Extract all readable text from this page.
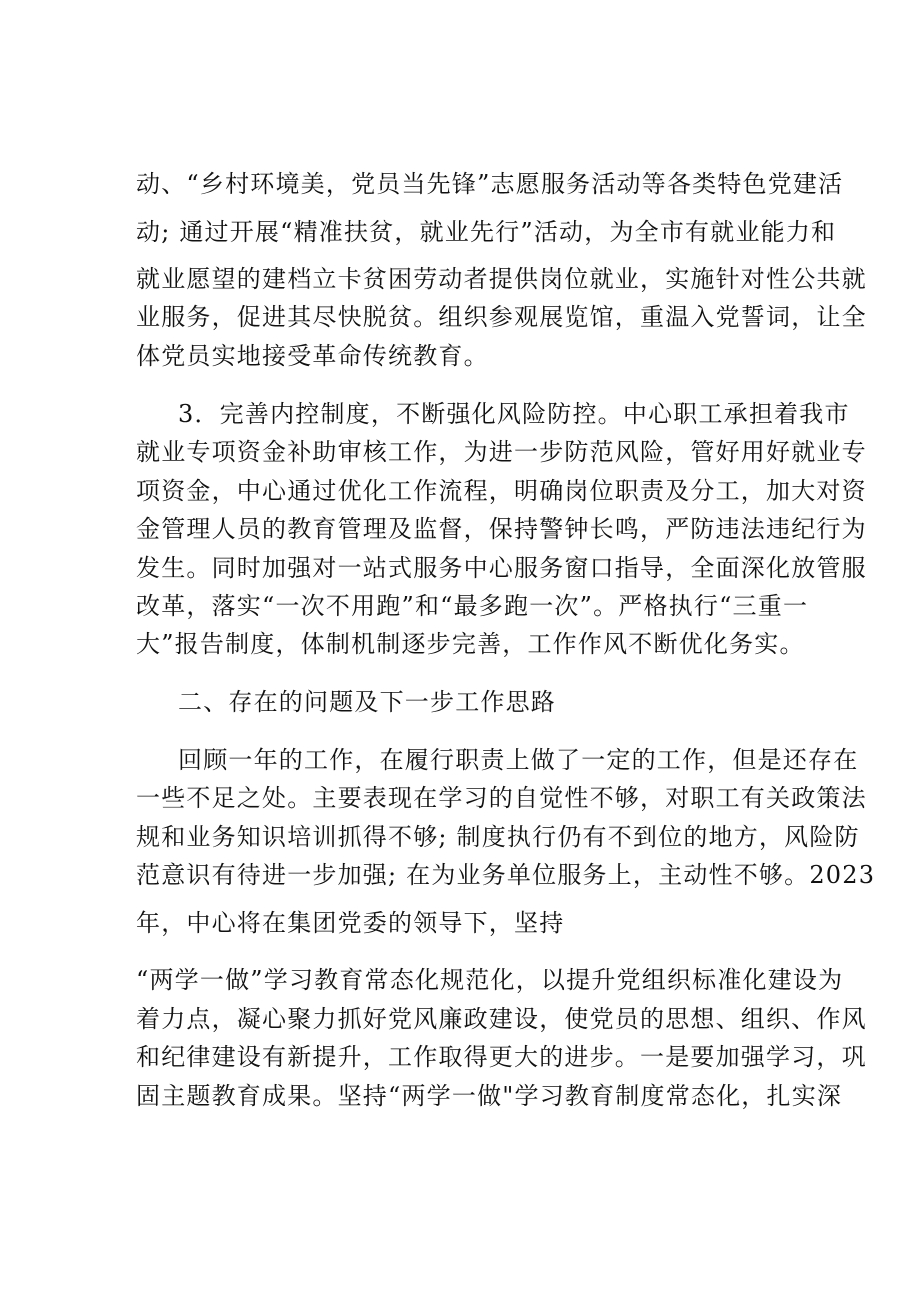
动、“乡村环境美，党员当先锋”志愿服务活动等各类特色党建活
动; 通过开展“精准扶贫，就业先行”活动，为全市有就业能力和
就业愿望的建档立卡贫困劳动者提供岗位就业，实施针对性公共就
业服务，促进其尽快脱贫。组织参观展览馆，重温入党誓词，让全
体党员实地接受革命传统教育。
3．完善内控制度，不断强化风险防控。中心职工承担着我市
就业专项资金补助审核工作，为进一步防范风险，管好用好就业专
项资金，中心通过优化工作流程，明确岗位职责及分工，加大对资
金管理人员的教育管理及监督，保持警钟长鸣，严防违法违纪行为
发生。同时加强对一站式服务中心服务窗口指导，全面深化放管服
改革，落实“一次不用跑”和“最多跑一次”。严格执行“三重一
大”报告制度，体制机制逐步完善，工作作风不断优化务实。
二、存在的问题及下一步工作思路
回顾一年的工作，在履行职责上做了一定的工作，但是还存在
一些不足之处。主要表现在学习的自觉性不够，对职工有关政策法
规和业务知识培训抓得不够; 制度执行仍有不到位的地方，风险防
范意识有待进一步加强; 在为业务单位服务上，主动性不够。2023
年，中心将在集团党委的领导下，坚持
“两学一做”学习教育常态化规范化，以提升党组织标准化建设为
着力点，凝心聚力抓好党风廉政建设，使党员的思想、组织、作风
和纪律建设有新提升，工作取得更大的进步。一是要加强学习，巩
固主题教育成果。坚持“两学一做"学习教育制度常态化，扎实深
